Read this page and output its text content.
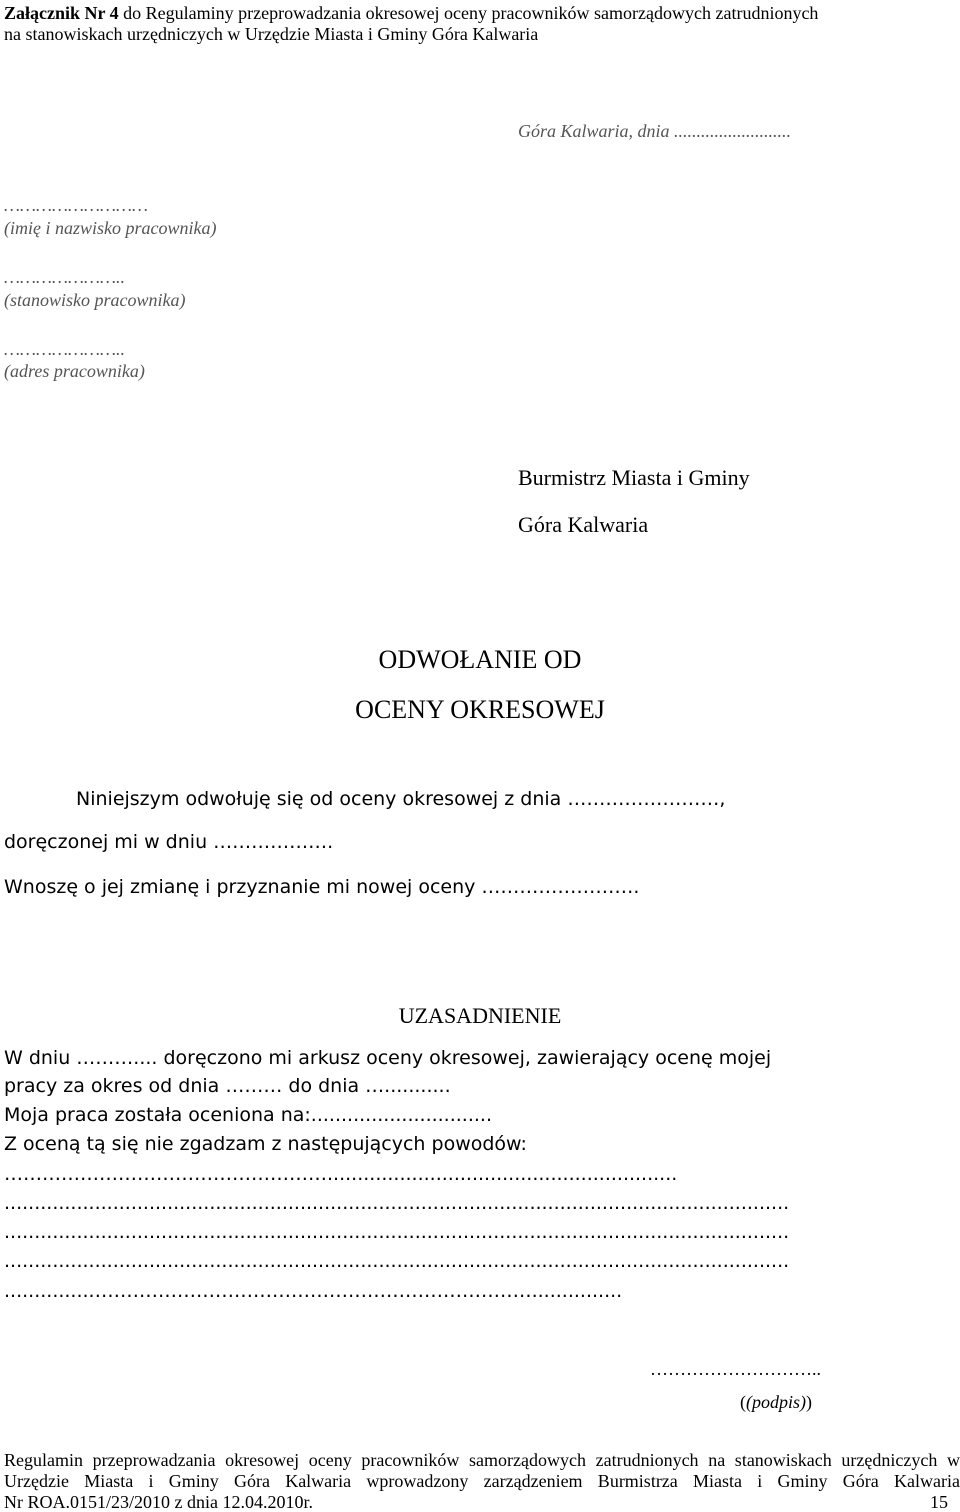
Załącznik Nr 4 do Regulaminy przeprowadzania okresowej oceny pracowników samorządowych zatrudnionych
na stanowiskach urzędniczych w Urzędzie Miasta i Gminy Góra Kalwaria
Góra Kalwaria, dnia ..........................
………………………
(imię i nazwisko pracownika)
…………………..
(stanowisko pracownika)
…………………..
(adres pracownika)
Burmistrz Miasta i Gminy
Góra Kalwaria
ODWOŁANIE OD
OCENY OKRESOWEJ
Niniejszym odwołuję się od oceny okresowej z dnia ……………………,
doręczonej mi w dniu ……………….
Wnoszę o jej zmianę i przyznanie mi nowej oceny …………………….
UZASADNIENIE
W dniu ……….... doręczono mi arkusz oceny okresowej, zawierający ocenę mojej
pracy za okres od dnia ……… do dnia …...........
Moja praca została oceniona na:..............................
Z oceną tą się nie zgadzam z następujących powodów:
……………………………………………..........................................................
..................................................................................................................................
..................................................................................................................................
..................................................................................................................................
...............……………………………………………………………...............
………………………..
((podpis))
Regulamin przeprowadzania okresowej oceny pracowników samorządowych zatrudnionych na stanowiskach urzędniczych w
Urzędzie Miasta i Gminy Góra Kalwaria wprowadzony zarządzeniem Burmistrza Miasta i Gminy Góra Kalwaria
Nr ROA.0151/23/2010 z dnia 12.04.2010r.	15
